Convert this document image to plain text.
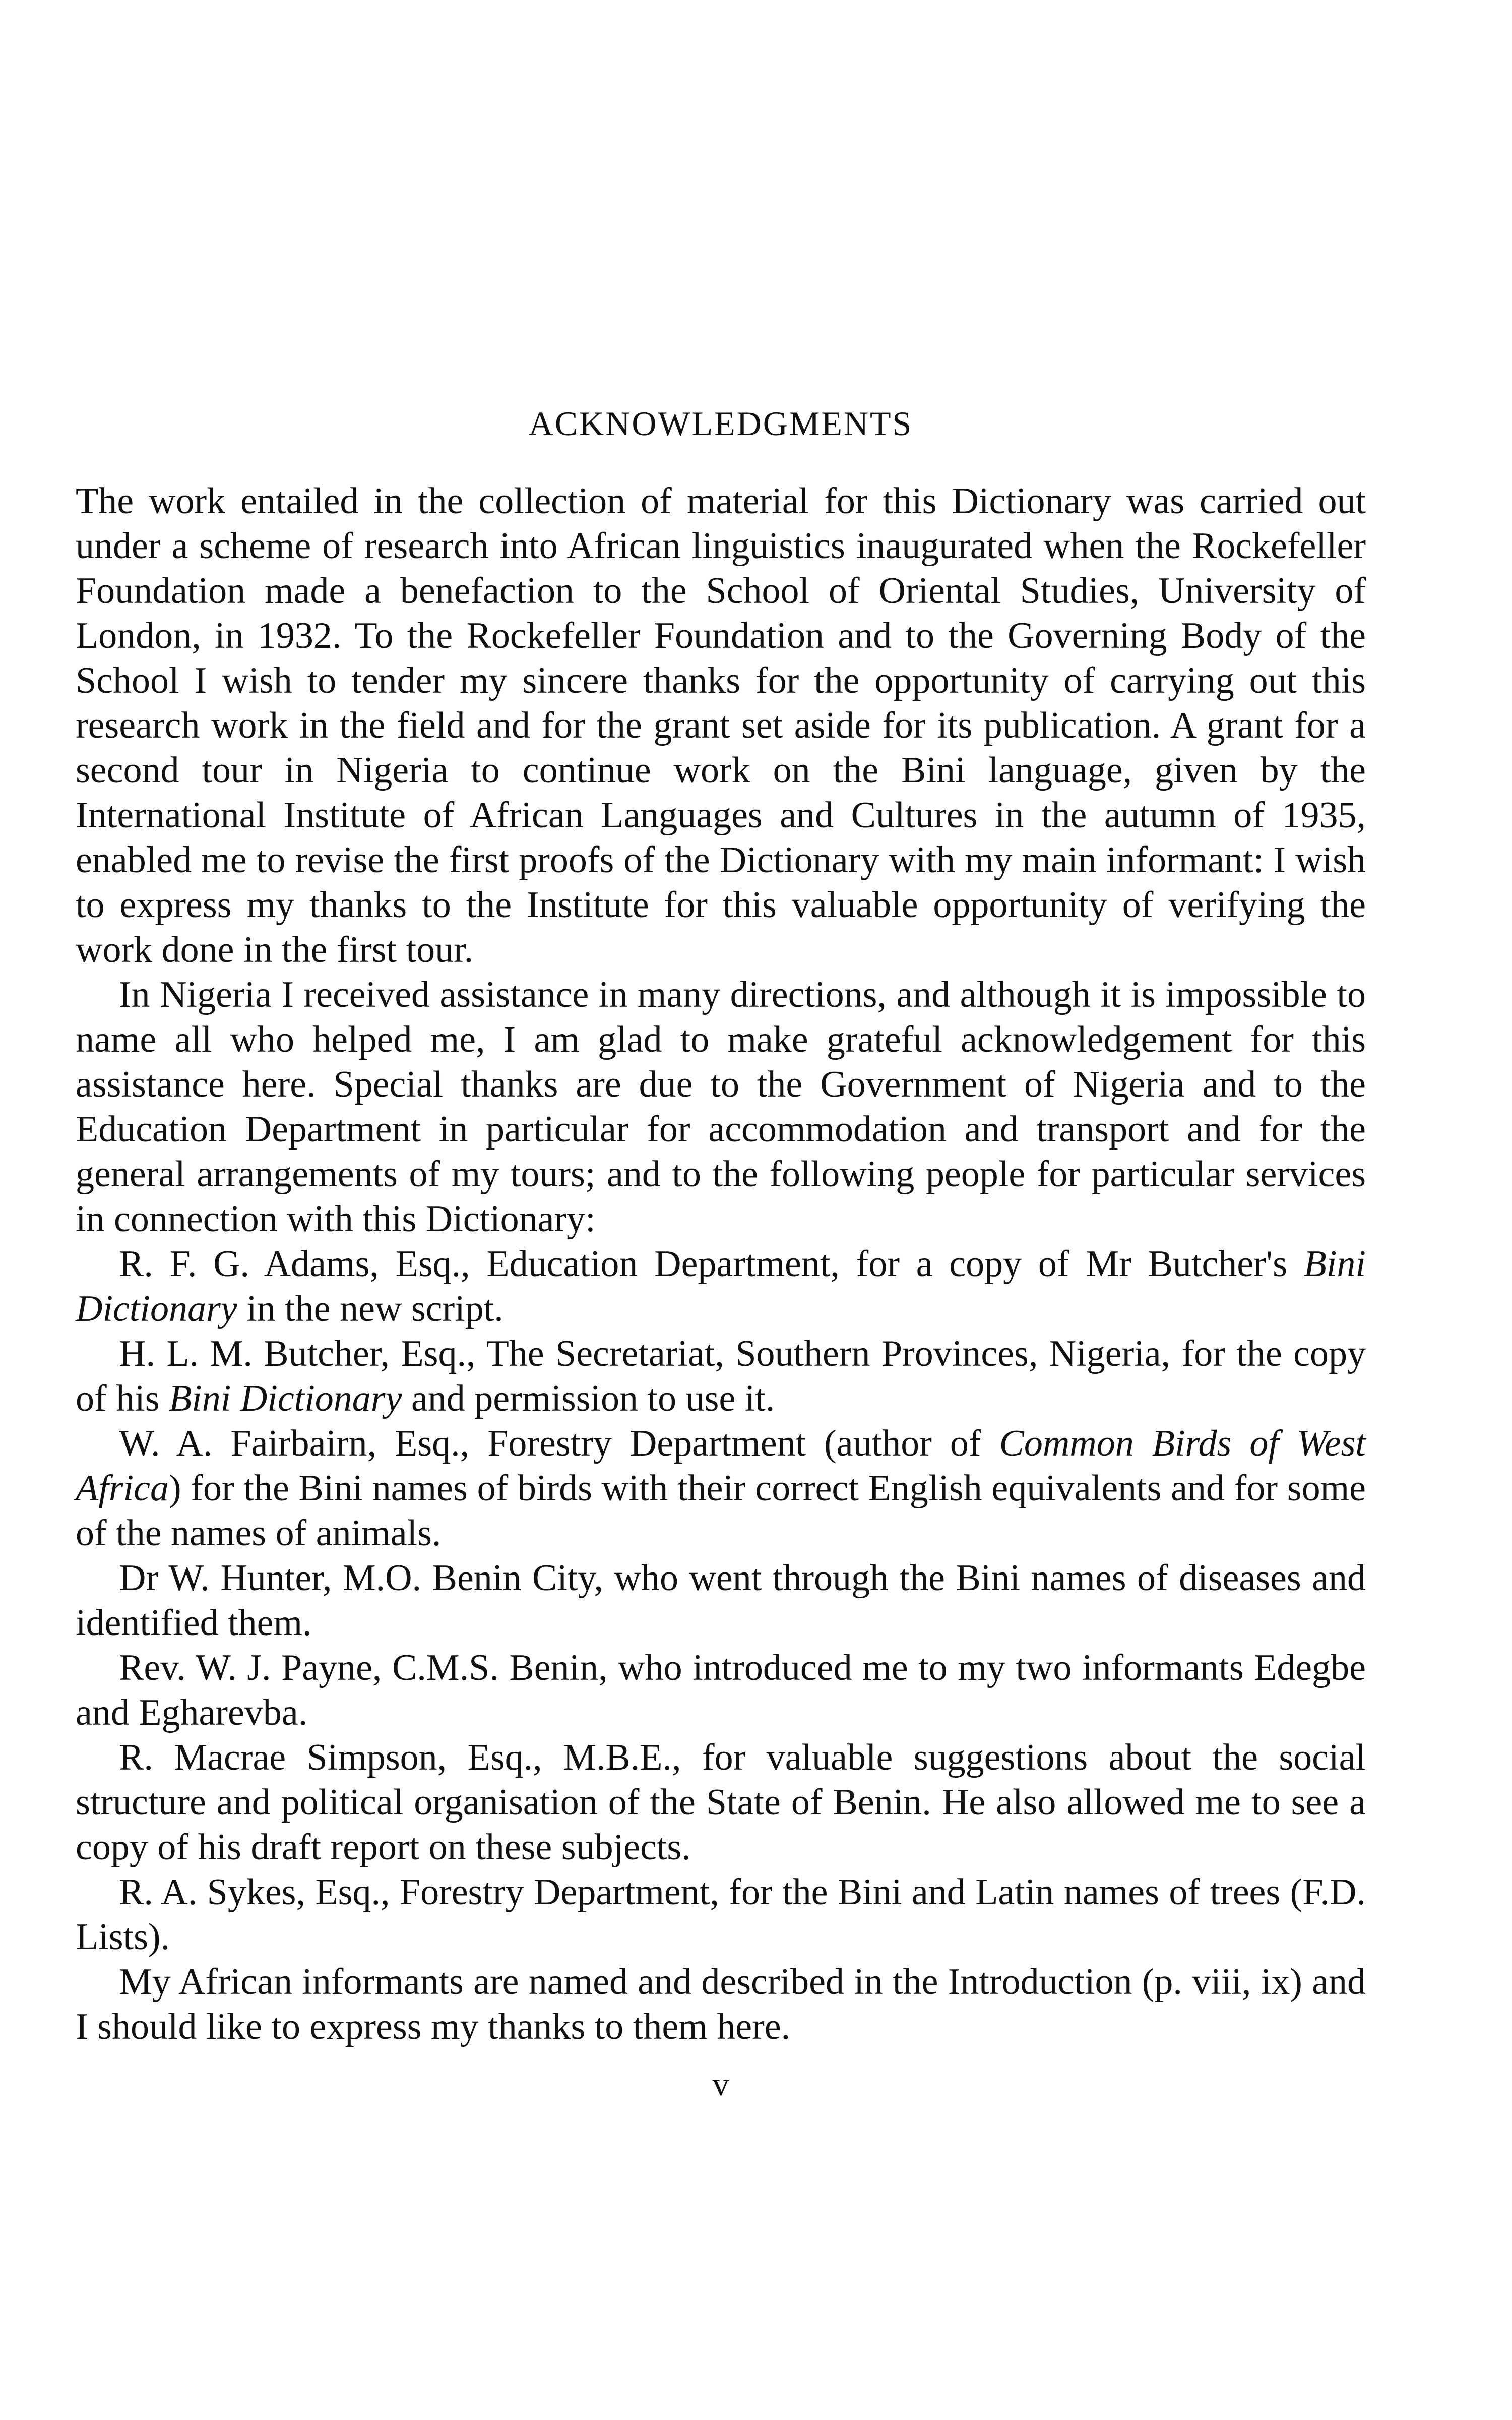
ACKNOWLEDGMENTS

The work entailed in the collection of material for this Dictionary was carried out under a scheme of research into African linguistics inaugurated when the Rockefeller Foundation made a benefaction to the School of Oriental Studies, University of London, in 1932. To the Rockefeller Foundation and to the Governing Body of the School I wish to tender my sincere thanks for the opportunity of carrying out this research work in the field and for the grant set aside for its publication. A grant for a second tour in Nigeria to continue work on the Bini language, given by the International Institute of African Languages and Cultures in the autumn of 1935, enabled me to revise the first proofs of the Dictionary with my main informant: I wish to express my thanks to the Institute for this valuable opportunity of verifying the work done in the first tour.

In Nigeria I received assistance in many directions, and although it is impossible to name all who helped me, I am glad to make grateful acknowledgement for this assistance here. Special thanks are due to the Government of Nigeria and to the Education Department in particular for accommodation and transport and for the general arrangements of my tours; and to the following people for particular services in connection with this Dictionary:

R. F. G. Adams, Esq., Education Department, for a copy of Mr Butcher's Bini Dictionary in the new script.

H. L. M. Butcher, Esq., The Secretariat, Southern Provinces, Nigeria, for the copy of his Bini Dictionary and permission to use it.

W. A. Fairbairn, Esq., Forestry Department (author of Common Birds of West Africa) for the Bini names of birds with their correct English equivalents and for some of the names of animals.

Dr W. Hunter, M.O. Benin City, who went through the Bini names of diseases and identified them.

Rev. W. J. Payne, C.M.S. Benin, who introduced me to my two informants Edegbe and Egharevba.

R. Macrae Simpson, Esq., M.B.E., for valuable suggestions about the social structure and political organisation of the State of Benin. He also allowed me to see a copy of his draft report on these subjects.

R. A. Sykes, Esq., Forestry Department, for the Bini and Latin names of trees (F.D. Lists).

My African informants are named and described in the Introduction (p. viii, ix) and I should like to express my thanks to them here.

v
